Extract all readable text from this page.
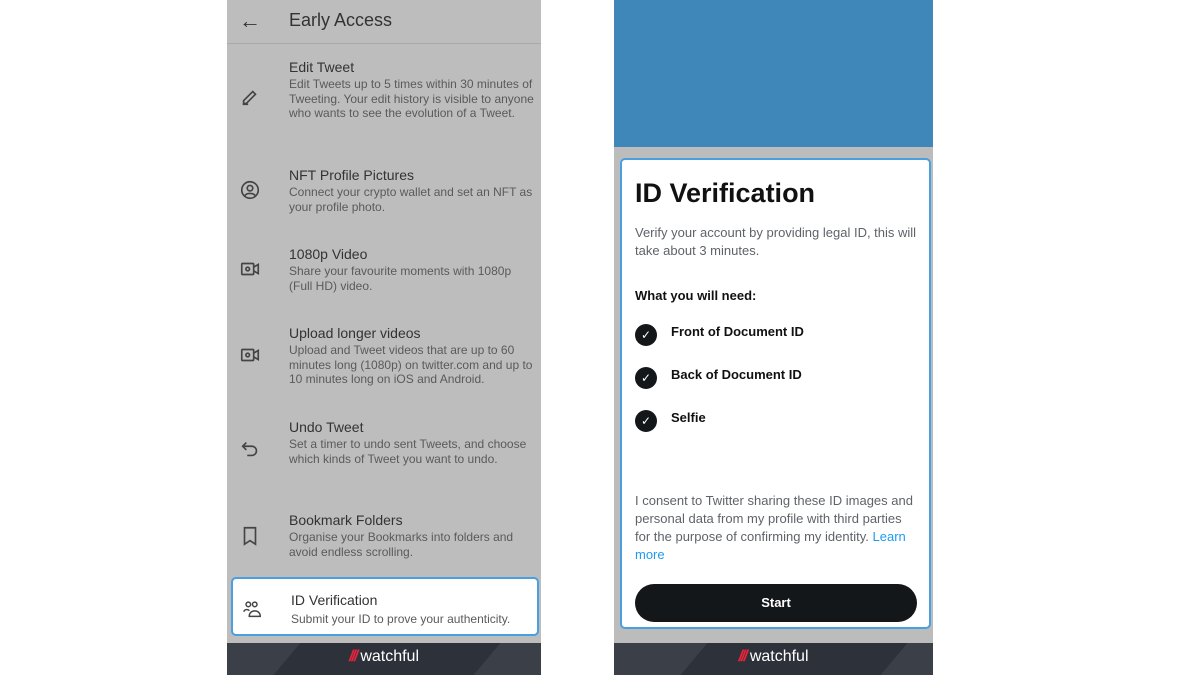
← Early Access
Edit Tweet
Edit Tweets up to 5 times within 30 minutes of Tweeting. Your edit history is visible to anyone who wants to see the evolution of a Tweet.
NFT Profile Pictures
Connect your crypto wallet and set an NFT as your profile photo.
1080p Video
Share your favourite moments with 1080p (Full HD) video.
Upload longer videos
Upload and Tweet videos that are up to 60 minutes long (1080p) on twitter.com and up to 10 minutes long on iOS and Android.
Undo Tweet
Set a timer to undo sent Tweets, and choose which kinds of Tweet you want to undo.
Bookmark Folders
Organise your Bookmarks into folders and avoid endless scrolling.
ID Verification
Submit your ID to prove your authenticity.
/// watchful
ID Verification
Verify your account by providing legal ID, this will take about 3 minutes.
What you will need:
✓	Front of Document ID
✓	Back of Document ID
✓	Selfie
I consent to Twitter sharing these ID images and personal data from my profile with third parties for the purpose of confirming my identity. Learn more
Start
/// watchful
